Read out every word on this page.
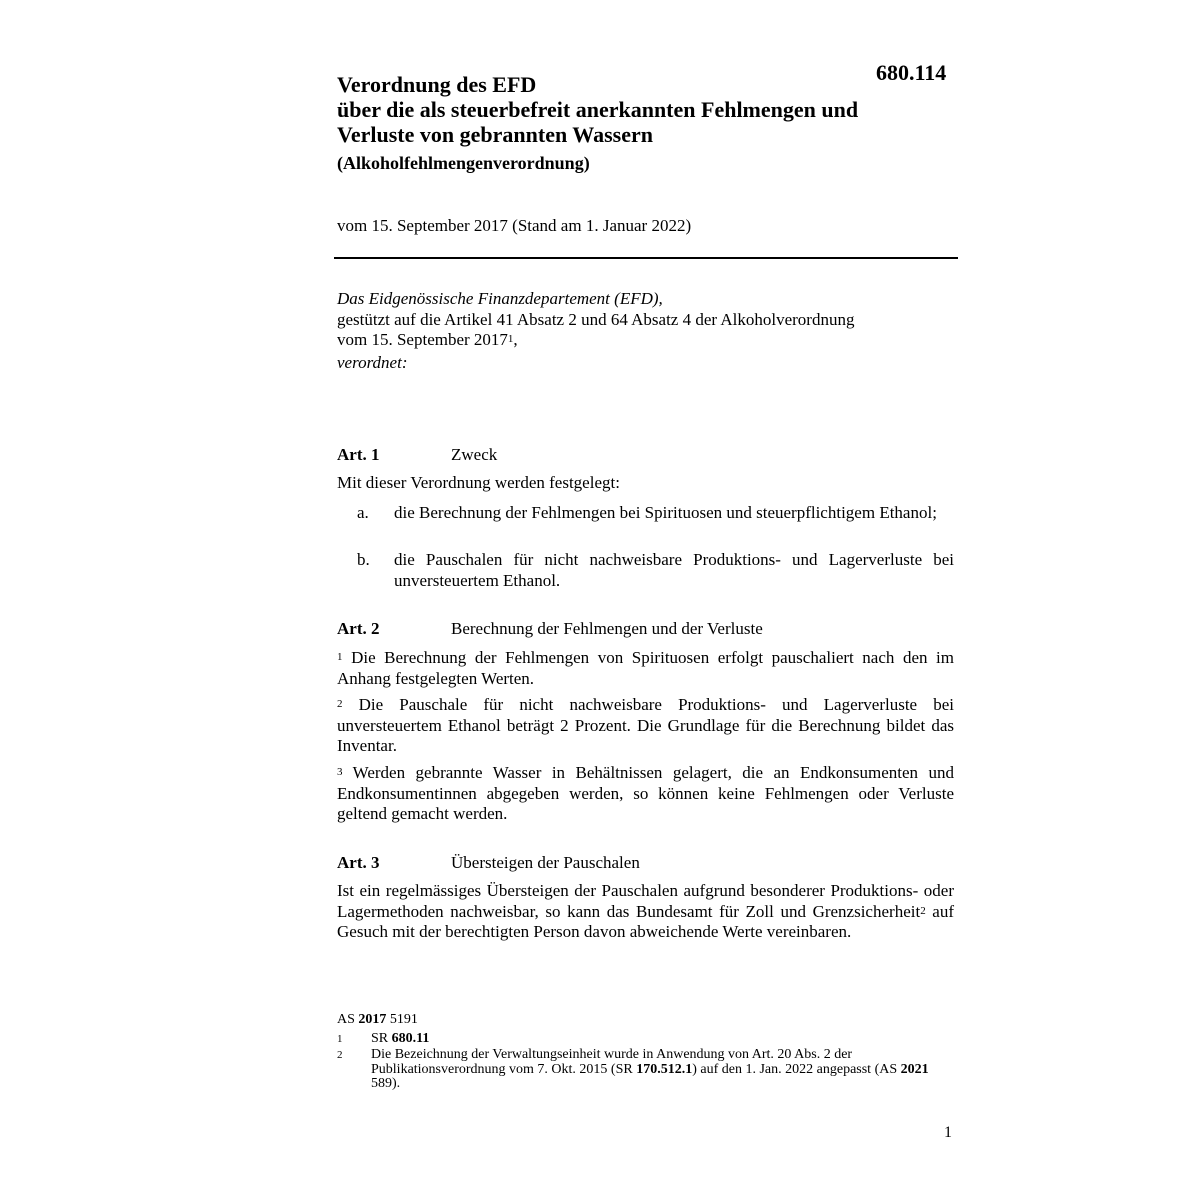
680.114
Verordnung des EFD
über die als steuerbefreit anerkannten Fehlmengen und
Verluste von gebrannten Wassern
(Alkoholfehlmengenverordnung)
vom 15. September 2017 (Stand am 1. Januar 2022)
Das Eidgenössische Finanzdepartement (EFD),
gestützt auf die Artikel 41 Absatz 2 und 64 Absatz 4 der Alkoholverordnung
vom 15. September 2017$^1$,
verordnet:
Art. 1	Zweck
Mit dieser Verordnung werden festgelegt:
a. die Berechnung der Fehlmengen bei Spirituosen und steuerpflichtigem Ethanol;
b. die Pauschalen für nicht nachweisbare Produktions- und Lagerverluste bei unversteuertem Ethanol.
Art. 2	Berechnung der Fehlmengen und der Verluste
$^1$ Die Berechnung der Fehlmengen von Spirituosen erfolgt pauschaliert nach den im Anhang festgelegten Werten.
$^2$ Die Pauschale für nicht nachweisbare Produktions- und Lagerverluste bei unversteuertem Ethanol beträgt 2 Prozent. Die Grundlage für die Berechnung bildet das Inventar.
$^3$ Werden gebrannte Wasser in Behältnissen gelagert, die an Endkonsumenten und Endkonsumentinnen abgegeben werden, so können keine Fehlmengen oder Verluste geltend gemacht werden.
Art. 3	Übersteigen der Pauschalen
Ist ein regelmässiges Übersteigen der Pauschalen aufgrund besonderer Produktions- oder Lagermethoden nachweisbar, so kann das Bundesamt für Zoll und Grenzsicherheit$^2$ auf Gesuch mit der berechtigten Person davon abweichende Werte vereinbaren.
AS 2017 5191
1 SR 680.11
2 Die Bezeichnung der Verwaltungseinheit wurde in Anwendung von Art. 20 Abs. 2 der Publikationsverordnung vom 7. Okt. 2015 (SR 170.512.1) auf den 1. Jan. 2022 angepasst (AS 2021 589).
1
